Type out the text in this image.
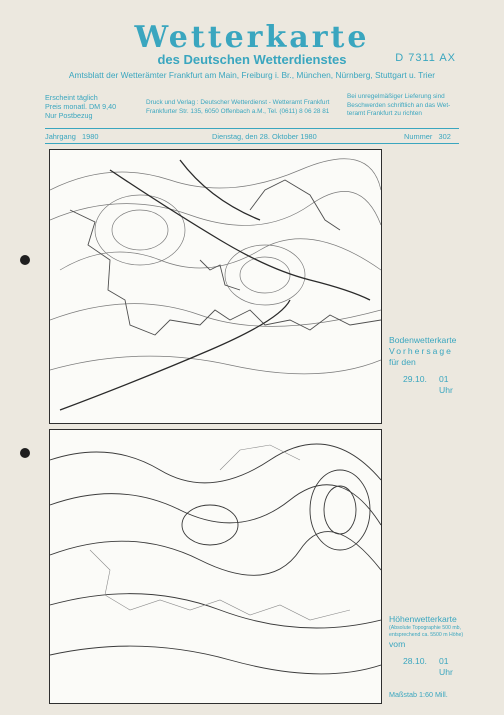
Wetterkarte
D 7311 AX
des Deutschen Wetterdienstes
Amtsblatt der Wetterämter Frankfurt am Main, Freiburg i. Br., München, Nürnberg, Stuttgart u. Trier
Erscheint täglich
Preis monatl. DM 9,40
Nur Postbezug
Druck und Verlag : Deutscher Wetterdienst - Wetteramt Frankfurt
Frankfurter Str. 135, 6050 Offenbach a.M., Tel. (0611) 8 06 28 81
Bei unregelmäßiger Lieferung sind
Beschwerden schriftlich an das Wet-
teramt Frankfurt zu richten
Jahrgang 1980	Dienstag, den 28. Oktober 1980	Nummer 302
Bodenwetterkarte
Vorhersage
für den
29.10. 01 Uhr
Höhenwetterkarte
(Absolute Topographie 500 mb,
entsprechend ca. 5500 m Höhe)
vom
28.10. 01 Uhr
Maßstab 1:60 Mill.
